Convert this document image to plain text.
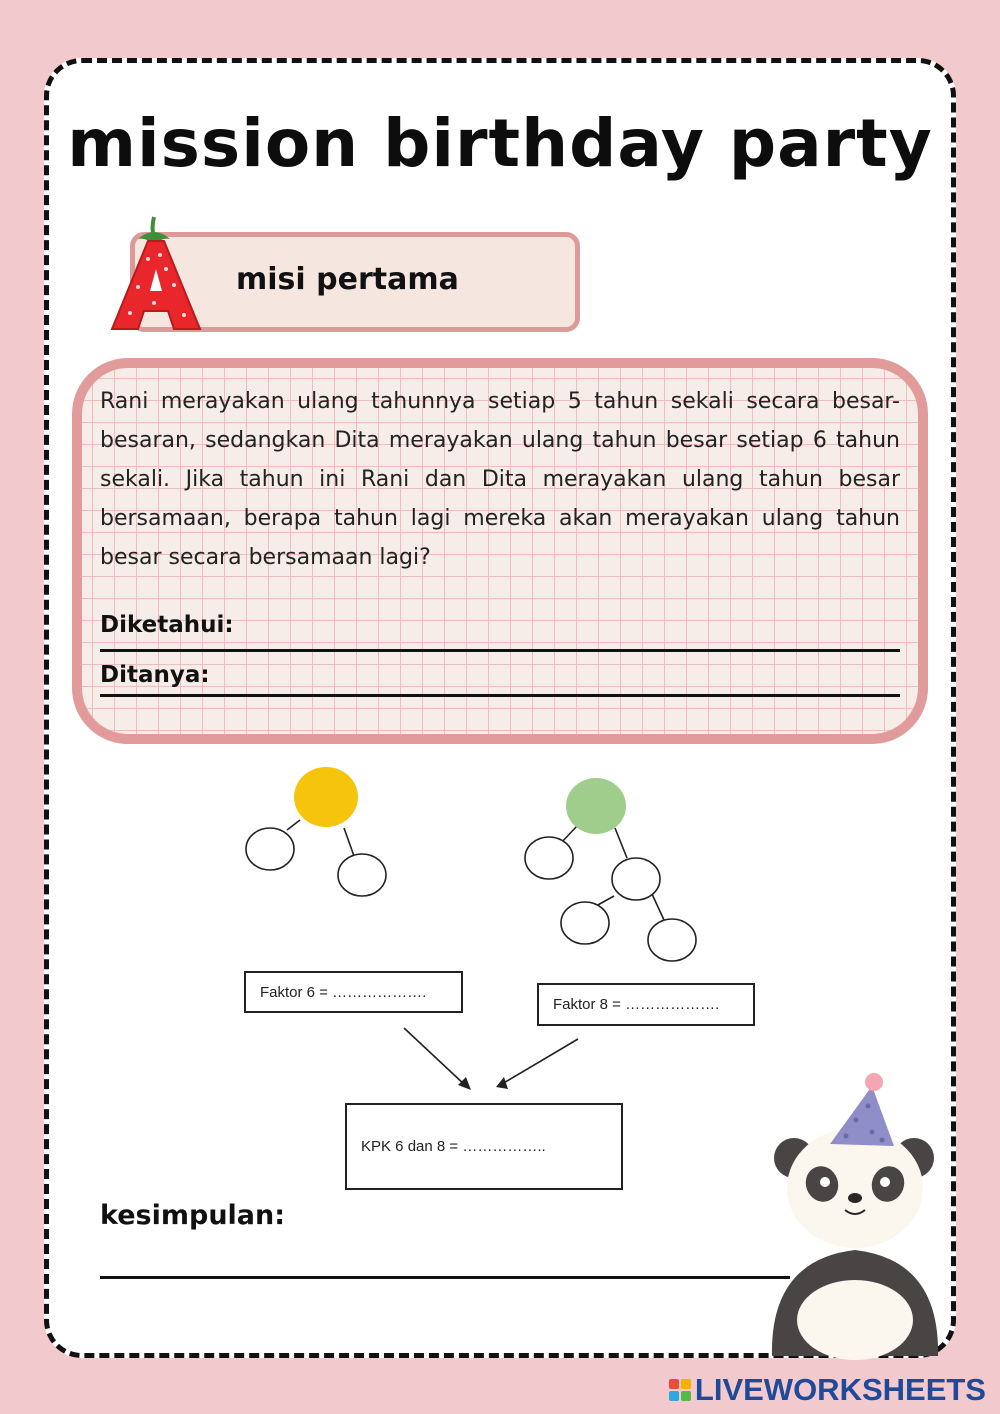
mission birthday party
misi pertama
Rani merayakan ulang tahunnya setiap 5 tahun sekali secara besar-besaran, sedangkan Dita merayakan ulang tahun besar setiap 6 tahun sekali. Jika tahun ini Rani dan Dita merayakan ulang tahun besar bersamaan, berapa tahun lagi mereka akan merayakan ulang tahun besar secara bersamaan lagi?
Diketahui:
Ditanya:
Faktor 6 = ……………….
Faktor 8 = ……………….
KPK 6 dan 8 = ……………..
kesimpulan:
LIVEWORKSHEETS
